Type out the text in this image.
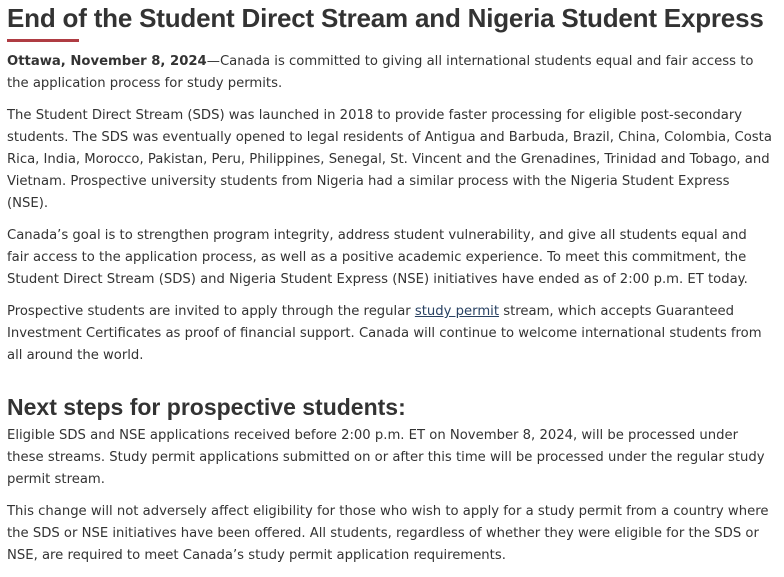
End of the Student Direct Stream and Nigeria Student Express

Ottawa, November 8, 2024—Canada is committed to giving all international students equal and fair access to the application process for study permits.

The Student Direct Stream (SDS) was launched in 2018 to provide faster processing for eligible post-secondary students. The SDS was eventually opened to legal residents of Antigua and Barbuda, Brazil, China, Colombia, Costa Rica, India, Morocco, Pakistan, Peru, Philippines, Senegal, St. Vincent and the Grenadines, Trinidad and Tobago, and Vietnam. Prospective university students from Nigeria had a similar process with the Nigeria Student Express (NSE).

Canada’s goal is to strengthen program integrity, address student vulnerability, and give all students equal and fair access to the application process, as well as a positive academic experience. To meet this commitment, the Student Direct Stream (SDS) and Nigeria Student Express (NSE) initiatives have ended as of 2:00 p.m. ET today.

Prospective students are invited to apply through the regular study permit stream, which accepts Guaranteed Investment Certificates as proof of financial support. Canada will continue to welcome international students from all around the world.

Next steps for prospective students:

Eligible SDS and NSE applications received before 2:00 p.m. ET on November 8, 2024, will be processed under these streams. Study permit applications submitted on or after this time will be processed under the regular study permit stream.

This change will not adversely affect eligibility for those who wish to apply for a study permit from a country where the SDS or NSE initiatives have been offered. All students, regardless of whether they were eligible for the SDS or NSE, are required to meet Canada’s study permit application requirements.
